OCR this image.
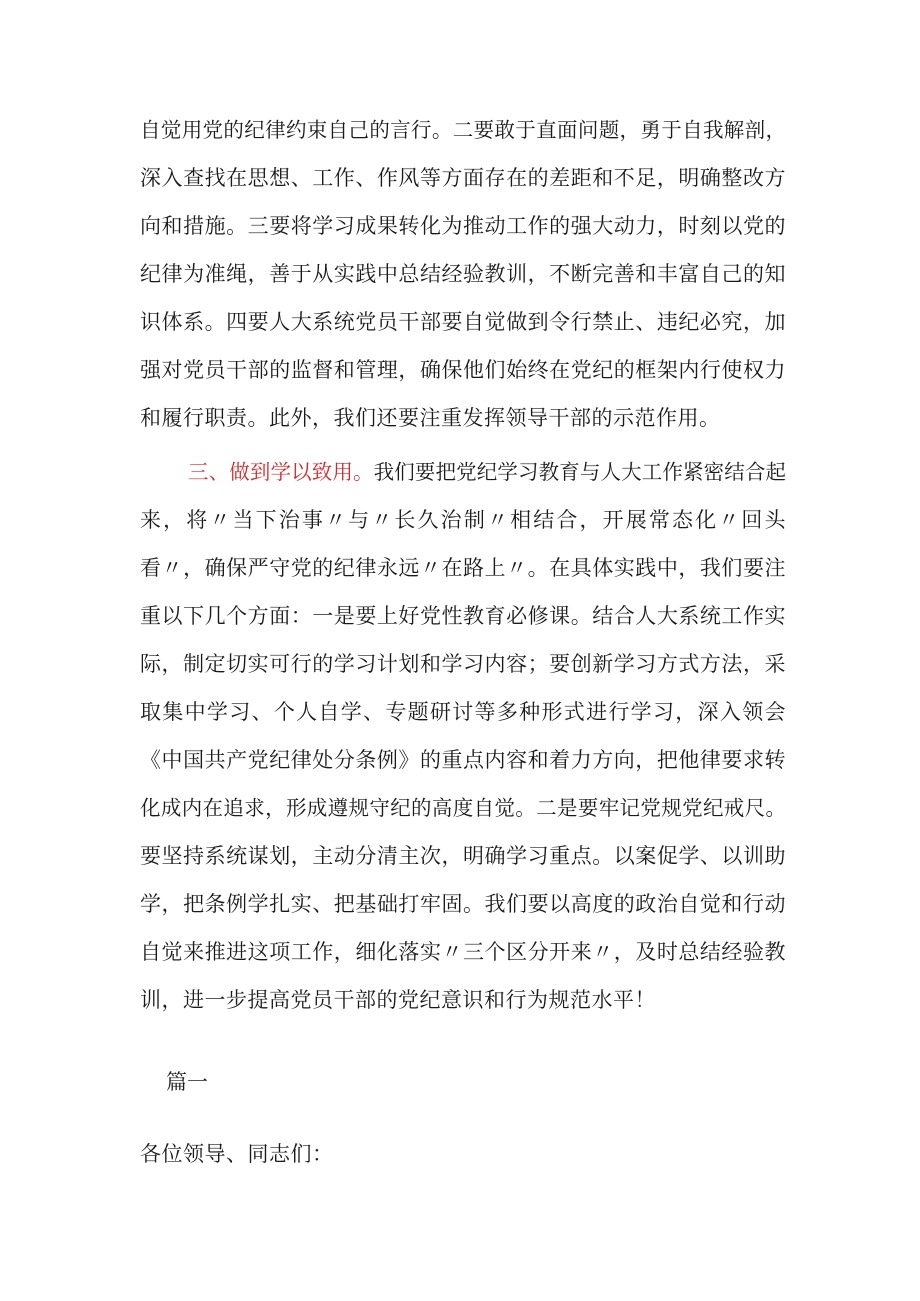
自觉用党的纪律约束自己的言行。二要敢于直面问题，勇于自我解剖，
深入查找在思想、工作、作风等方面存在的差距和不足，明确整改方
向和措施。三要将学习成果转化为推动工作的强大动力，时刻以党的
纪律为准绳，善于从实践中总结经验教训，不断完善和丰富自己的知
识体系。四要人大系统党员干部要自觉做到令行禁止、违纪必究，加
强对党员干部的监督和管理，确保他们始终在党纪的框架内行使权力
和履行职责。此外，我们还要注重发挥领导干部的示范作用。
三、做到学以致用。我们要把党纪学习教育与人大工作紧密结合起
来，将〃当下治事〃与〃长久治制〃相结合，开展常态化〃回头
看〃，确保严守党的纪律永远〃在路上〃。在具体实践中，我们要注
重以下几个方面：一是要上好党性教育必修课。结合人大系统工作实
际，制定切实可行的学习计划和学习内容；要创新学习方式方法，采
取集中学习、个人自学、专题研讨等多种形式进行学习，深入领会
《中国共产党纪律处分条例》的重点内容和着力方向，把他律要求转
化成内在追求，形成遵规守纪的高度自觉。二是要牢记党规党纪戒尺。
要坚持系统谋划，主动分清主次，明确学习重点。以案促学、以训助
学，把条例学扎实、把基础打牢固。我们要以高度的政治自觉和行动
自觉来推进这项工作，细化落实〃三个区分开来〃，及时总结经验教
训，进一步提高党员干部的党纪意识和行为规范水平！
篇一
各位领导、同志们：
